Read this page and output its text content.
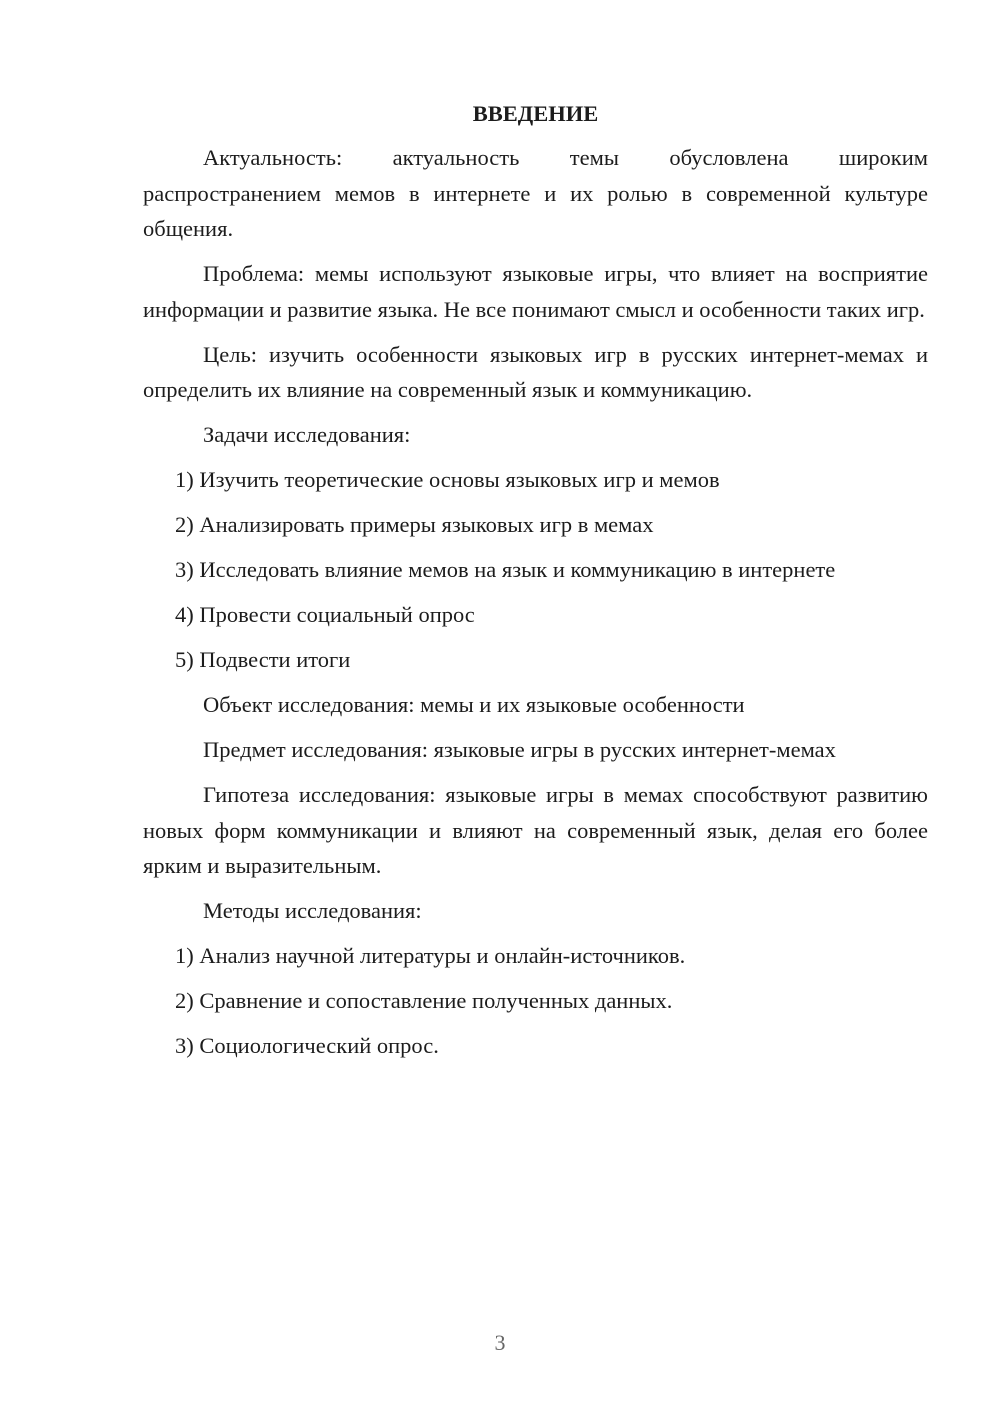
ВВЕДЕНИЕ

Актуальность: актуальность темы обусловлена широким распространением мемов в интернете и их ролью в современной культуре общения.

Проблема: мемы используют языковые игры, что влияет на восприятие информации и развитие языка. Не все понимают смысл и особенности таких игр.

Цель: изучить особенности языковых игр в русских интернет-мемах и определить их влияние на современный язык и коммуникацию.

Задачи исследования:

1) Изучить теоретические основы языковых игр и мемов

2) Анализировать примеры языковых игр в мемах

3) Исследовать влияние мемов на язык и коммуникацию в интернете

4) Провести социальный опрос

5) Подвести итоги

Объект исследования: мемы и их языковые особенности

Предмет исследования: языковые игры в русских интернет-мемах

Гипотеза исследования: языковые игры в мемах способствуют развитию новых форм коммуникации и влияют на современный язык, делая его более ярким и выразительным.

Методы исследования:

1) Анализ научной литературы и онлайн-источников.

2) Сравнение и сопоставление полученных данных.

3) Социологический опрос.

3
